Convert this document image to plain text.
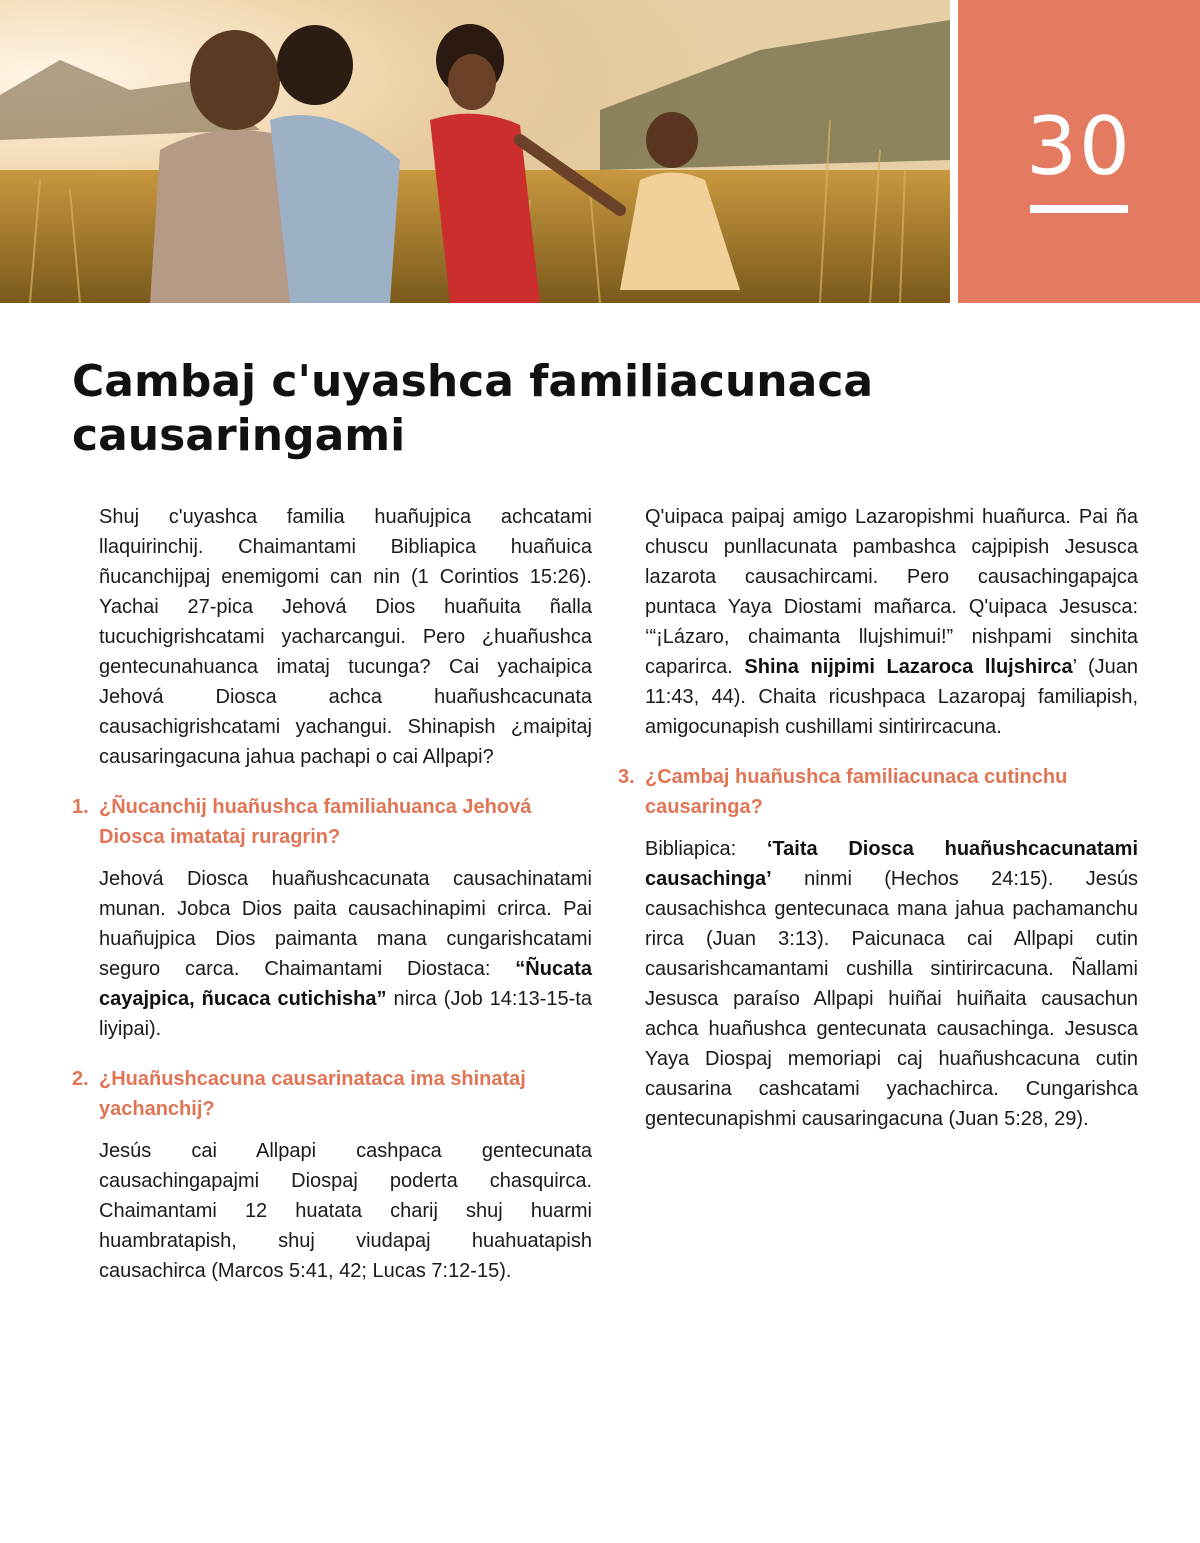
30
Cambaj c'uyashca familiacunaca causaringami

Shuj c'uyashca familia huañujpica achcatami llaquirinchij. Chaimantami Bibliapica huañuica ñucanchijpaj enemigomi can nin (1 Corintios 15:26). Yachai 27-pica Jehová Dios huañuita ñalla tucuchigrishcatami yacharcangui. Pero ¿huañushca gentecunahuanca imataj tucunga? Cai yachaipica Jehová Diosca achca huañushcacunata causachigrishcatami yachangui. Shinapish ¿maipitaj causaringacuna jahua pachapi o cai Allpapi?

1. ¿Ñucanchij huañushca familiahuanca Jehová Diosca imatataj ruragrin?

Jehová Diosca huañushcacunata causachinatami munan. Jobca Dios paita causachinapimi crirca. Pai huañujpica Dios paimanta mana cungarishcatami seguro carca. Chaimantami Diostaca: “Ñucata cayajpica, ñucaca cutichisha” nirca (Job 14:13-15-ta liyipai).

2. ¿Huañushcacuna causarinataca ima shinataj yachanchij?

Jesús cai Allpapi cashpaca gentecunata causachingapajmi Diospaj poderta chasquirca. Chaimantami 12 huatata charij shuj huarmi huambratapish, shuj viudapaj huahuatapish causachirca (Marcos 5:41, 42; Lucas 7:12-15).

Q'uipaca paipaj amigo Lazaropishmi huañurca. Pai ña chuscu punllacunata pambashca cajpipish Jesusca lazarota causachircami. Pero causachingapajca puntaca Yaya Diostami mañarca. Q'uipaca Jesusca: ‘“¡Lázaro, chaimanta llujshimui!” nishpami sinchita caparirca. Shina nijpimi Lazaroca llujshirca’ (Juan 11:43, 44). Chaita ricushpaca Lazaropaj familiapish, amigocunapish cushillami sintirircacuna.

3. ¿Cambaj huañushca familiacunaca cutinchu causaringa?

Bibliapica: ‘Taita Diosca huañushcacunatami causachinga’ ninmi (Hechos 24:15). Jesús causachishca gentecunaca mana jahua pachamanchu rirca (Juan 3:13). Paicunaca cai Allpapi cutin causarishcamantami cushilla sintirircacuna. Ñallami Jesusca paraíso Allpapi huiñai huiñaita causachun achca huañushca gentecunata causachinga. Jesusca Yaya Diospaj memoriapi caj huañushcacuna cutin causarina cashcatami yachachirca. Cungarishca gentecunapishmi causaringacuna (Juan 5:28, 29).
